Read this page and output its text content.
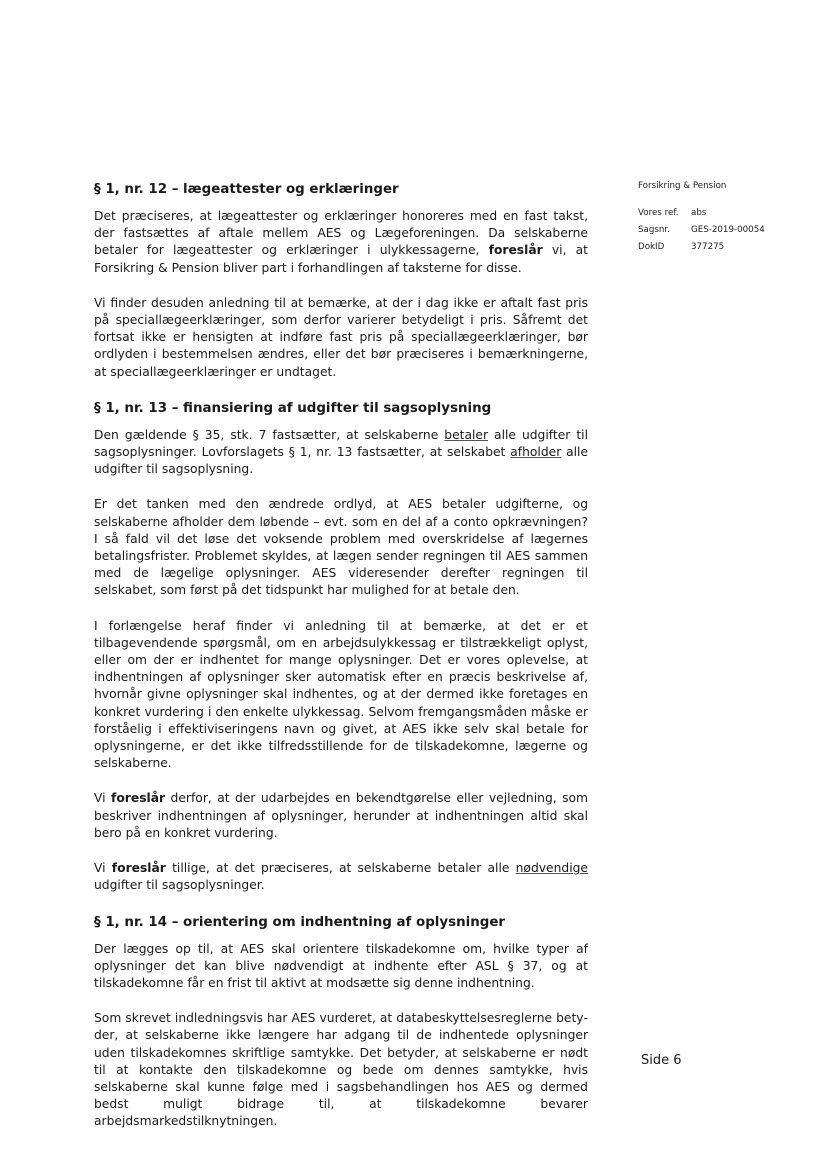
Forsikring & Pension
Vores ref.	abs
Sagsnr.	GES-2019-00054
DokID	377275
§ 1, nr. 12 – lægeattester og erklæringer

Det præciseres, at lægeattester og erklæringer honoreres med en fast takst, der fastsættes af aftale mellem AES og Lægeforeningen. Da selskaberne betaler for lægeattester og erklæringer i ulykkessagerne, foreslår vi, at Forsikring & Pension bliver part i forhandlingen af taksterne for disse.

Vi finder desuden anledning til at bemærke, at der i dag ikke er aftalt fast pris på speciallægeerklæringer, som derfor varierer betydeligt i pris. Såfremt det fortsat ikke er hensigten at indføre fast pris på speciallægeerklæringer, bør ordlyden i bestemmelsen ændres, eller det bør præciseres i bemærkningerne, at speciallægeerklæringer er undtaget.

§ 1, nr. 13 – finansiering af udgifter til sagsoplysning

Den gældende § 35, stk. 7 fastsætter, at selskaberne betaler alle udgifter til sagsoplysninger. Lovforslagets § 1, nr. 13 fastsætter, at selskabet afholder alle udgifter til sagsoplysning.

Er det tanken med den ændrede ordlyd, at AES betaler udgifterne, og selskaberne afholder dem løbende – evt. som en del af a conto opkrævningen? I så fald vil det løse det voksende problem med overskridelse af lægernes betalingsfrister. Problemet skyldes, at lægen sender regningen til AES sammen med de lægelige oplysninger. AES videresender derefter regningen til selskabet, som først på det tidspunkt har mulighed for at betale den.

I forlængelse heraf finder vi anledning til at bemærke, at det er et tilbagevendende spørgsmål, om en arbejdsulykkessag er tilstrækkeligt oplyst, eller om der er indhentet for mange oplysninger. Det er vores oplevelse, at indhentningen af oplysninger sker automatisk efter en præcis beskrivelse af, hvornår givne oplysninger skal indhentes, og at der dermed ikke foretages en konkret vurdering i den enkelte ulykkessag. Selvom fremgangsmåden måske er forståelig i effektiviseringens navn og givet, at AES ikke selv skal betale for oplysningerne, er det ikke tilfredsstillende for de tilskadekomne, lægerne og selskaberne.

Vi foreslår derfor, at der udarbejdes en bekendtgørelse eller vejledning, som beskriver indhentningen af oplysninger, herunder at indhentningen altid skal bero på en konkret vurdering.

Vi foreslår tillige, at det præciseres, at selskaberne betaler alle nødvendige udgifter til sagsoplysninger.

§ 1, nr. 14 – orientering om indhentning af oplysninger

Der lægges op til, at AES skal orientere tilskadekomne om, hvilke typer af oplysninger det kan blive nødvendigt at indhente efter ASL § 37, og at tilskadekomne får en frist til aktivt at modsætte sig denne indhentning.

Som skrevet indledningsvis har AES vurderet, at databeskyttelsesreglerne betyder, at selskaberne ikke længere har adgang til de indhentede oplysninger uden tilskadekomnes skriftlige samtykke. Det betyder, at selskaberne er nødt til at kontakte den tilskadekomne og bede om dennes samtykke, hvis selskaberne skal kunne følge med i sagsbehandlingen hos AES og dermed bedst muligt bidrage til, at tilskadekomne bevarer arbejdsmarkedstilknytningen.

Side 6
